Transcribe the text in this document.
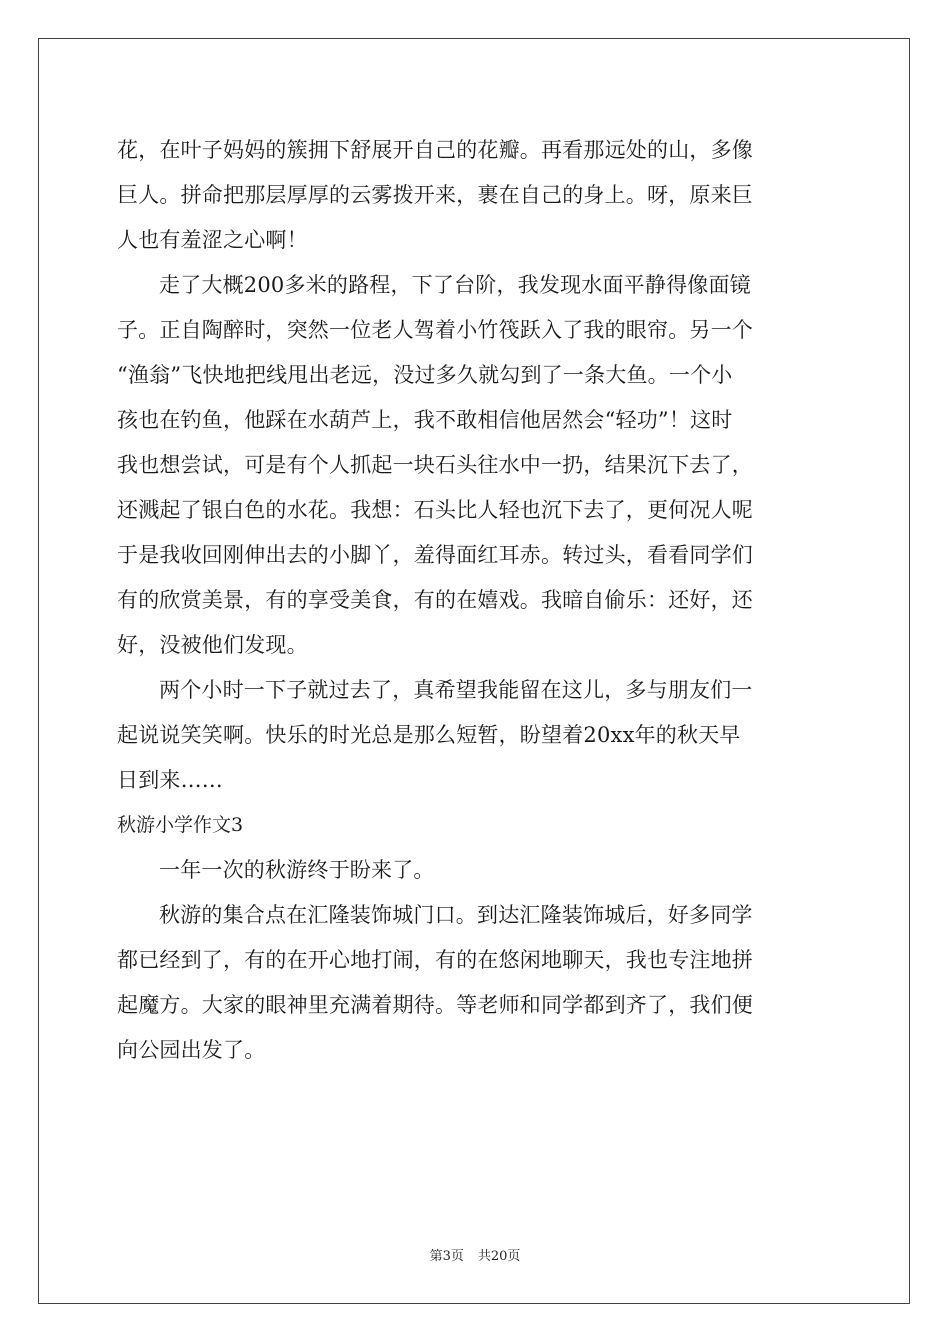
花，在叶子妈妈的簇拥下舒展开自己的花瓣。再看那远处的山，多像
巨人。拼命把那层厚厚的云雾拨开来，裹在自己的身上。呀，原来巨
人也有羞涩之心啊！
走了大概200多米的路程，下了台阶，我发现水面平静得像面镜
子。正自陶醉时，突然一位老人驾着小竹筏跃入了我的眼帘。另一个
“渔翁”飞快地把线甩出老远，没过多久就勾到了一条大鱼。一个小
孩也在钓鱼，他踩在水葫芦上，我不敢相信他居然会“轻功”！这时
我也想尝试，可是有个人抓起一块石头往水中一扔，结果沉下去了，
还溅起了银白色的水花。我想：石头比人轻也沉下去了，更何况人呢
于是我收回刚伸出去的小脚丫，羞得面红耳赤。转过头，看看同学们
有的欣赏美景，有的享受美食，有的在嬉戏。我暗自偷乐：还好，还
好，没被他们发现。
两个小时一下子就过去了，真希望我能留在这儿，多与朋友们一
起说说笑笑啊。快乐的时光总是那么短暂，盼望着20xx年的秋天早
日到来……
秋游小学作文3
一年一次的秋游终于盼来了。
秋游的集合点在汇隆装饰城门口。到达汇隆装饰城后，好多同学
都已经到了，有的在开心地打闹，有的在悠闲地聊天，我也专注地拼
起魔方。大家的眼神里充满着期待。等老师和同学都到齐了，我们便
向公园出发了。
第3页 共20页
